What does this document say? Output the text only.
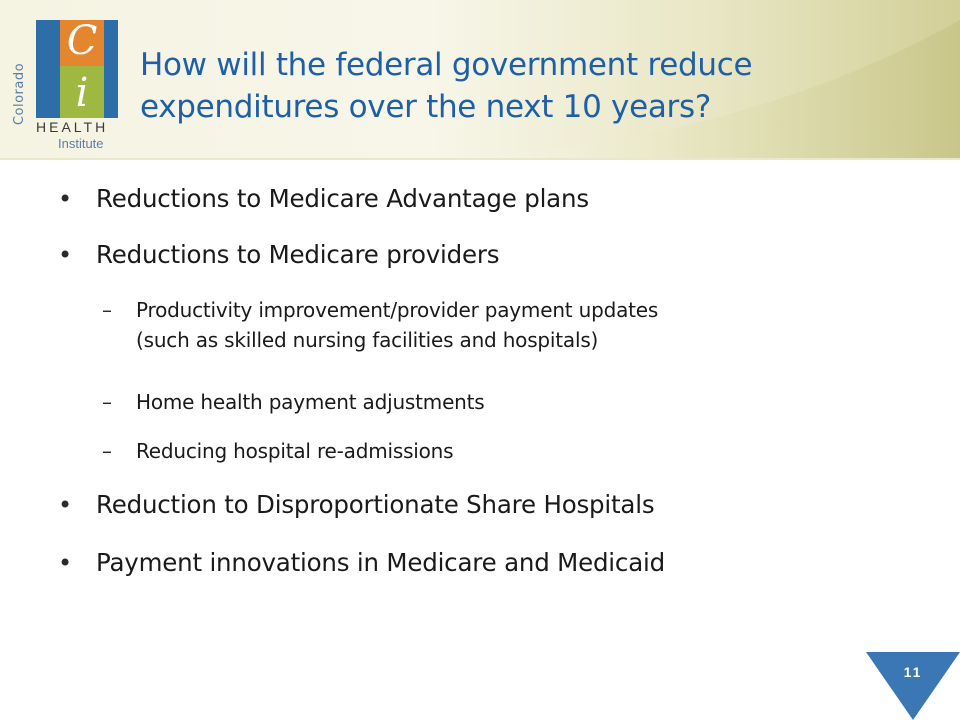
Colorado
C
i
HEALTH
Institute
How will the federal government reduce
expenditures over the next 10 years?
• Reductions to Medicare Advantage plans
• Reductions to Medicare providers
– Productivity improvement/provider payment updates
(such as skilled nursing facilities and hospitals)
– Home health payment adjustments
– Reducing hospital re-admissions
• Reduction to Disproportionate Share Hospitals
• Payment innovations in Medicare and Medicaid
11
